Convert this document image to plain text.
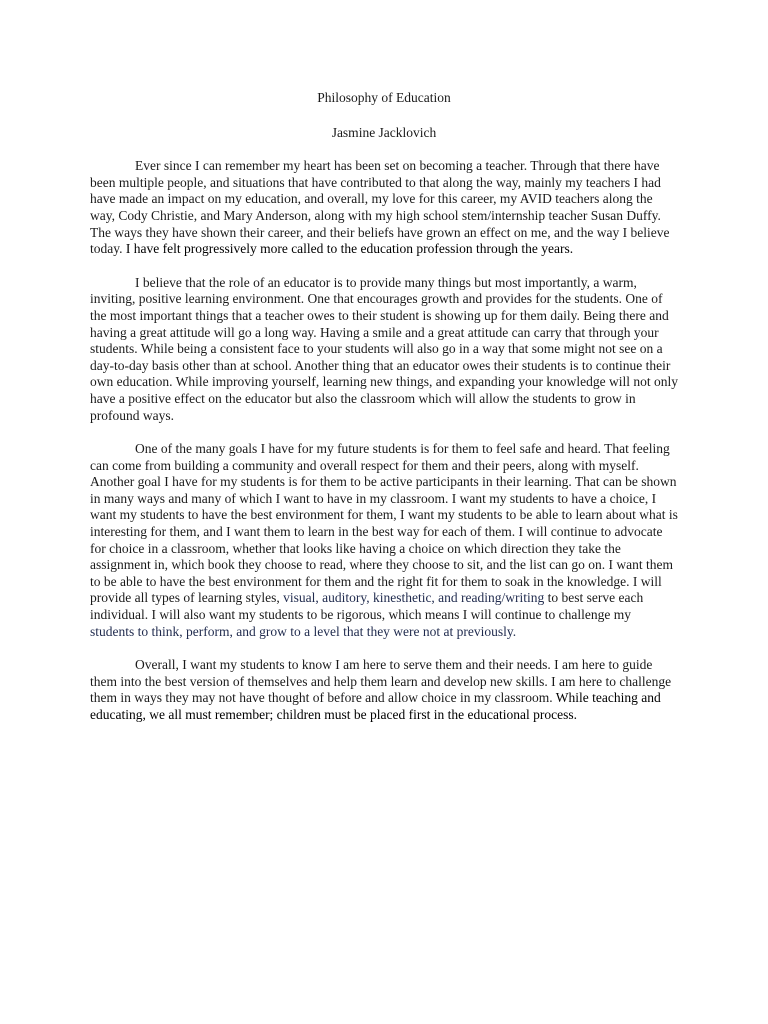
Philosophy of Education

Jasmine Jacklovich

Ever since I can remember my heart has been set on becoming a teacher. Through that there have been multiple people, and situations that have contributed to that along the way, mainly my teachers I had have made an impact on my education, and overall, my love for this career, my AVID teachers along the way, Cody Christie, and Mary Anderson, along with my high school stem/internship teacher Susan Duffy. The ways they have shown their career, and their beliefs have grown an effect on me, and the way I believe today. I have felt progressively more called to the education profession through the years.

I believe that the role of an educator is to provide many things but most importantly, a warm, inviting, positive learning environment. One that encourages growth and provides for the students. One of the most important things that a teacher owes to their student is showing up for them daily. Being there and having a great attitude will go a long way. Having a smile and a great attitude can carry that through your students. While being a consistent face to your students will also go in a way that some might not see on a day-to-day basis other than at school. Another thing that an educator owes their students is to continue their own education. While improving yourself, learning new things, and expanding your knowledge will not only have a positive effect on the educator but also the classroom which will allow the students to grow in profound ways.

One of the many goals I have for my future students is for them to feel safe and heard. That feeling can come from building a community and overall respect for them and their peers, along with myself. Another goal I have for my students is for them to be active participants in their learning. That can be shown in many ways and many of which I want to have in my classroom. I want my students to have a choice, I want my students to have the best environment for them, I want my students to be able to learn about what is interesting for them, and I want them to learn in the best way for each of them. I will continue to advocate for choice in a classroom, whether that looks like having a choice on which direction they take the assignment in, which book they choose to read, where they choose to sit, and the list can go on. I want them to be able to have the best environment for them and the right fit for them to soak in the knowledge. I will provide all types of learning styles, visual, auditory, kinesthetic, and reading/writing to best serve each individual. I will also want my students to be rigorous, which means I will continue to challenge my students to think, perform, and grow to a level that they were not at previously.

Overall, I want my students to know I am here to serve them and their needs. I am here to guide them into the best version of themselves and help them learn and develop new skills. I am here to challenge them in ways they may not have thought of before and allow choice in my classroom. While teaching and educating, we all must remember; children must be placed first in the educational process.
